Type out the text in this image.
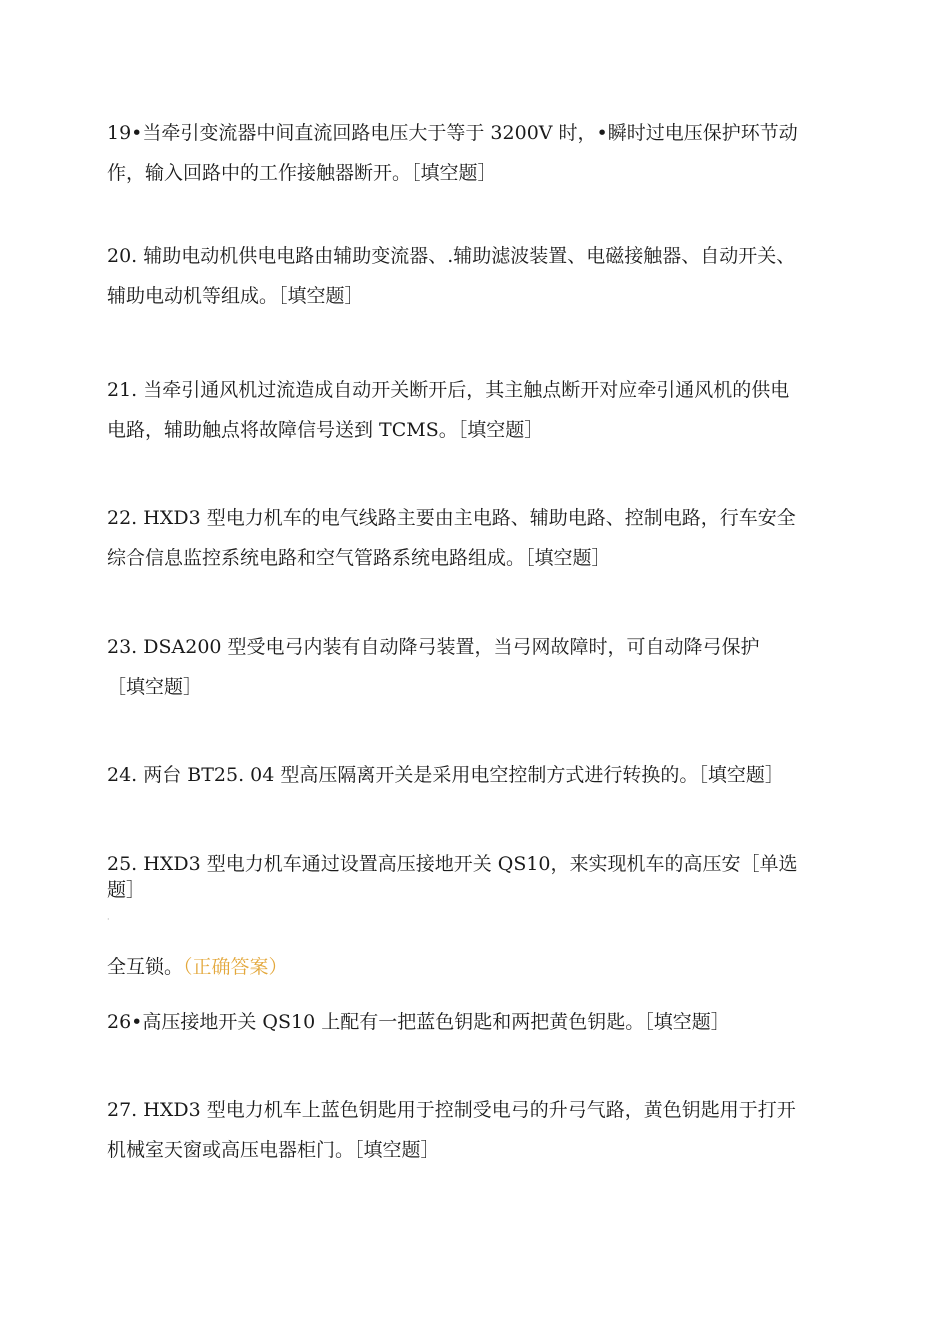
19•当牵引变流器中间直流回路电压大于等于 3200V 时，•瞬时过电压保护环节动
作，输入回路中的工作接触器断开。［填空题］
20. 辅助电动机供电电路由辅助变流器、.辅助滤波装置、电磁接触器、自动开关、
辅助电动机等组成。［填空题］
21. 当牵引通风机过流造成自动开关断开后，其主触点断开对应牵引通风机的供电
电路，辅助触点将故障信号送到 TCMS。［填空题］
22. HXD3 型电力机车的电气线路主要由主电路、辅助电路、控制电路，行车安全
综合信息监控系统电路和空气管路系统电路组成。［填空题］
23. DSA200 型受电弓内装有自动降弓装置，当弓网故障时，可自动降弓保护
［填空题］
24. 两台 BT25. 04 型高压隔离开关是采用电空控制方式进行转换的。［填空题］
25. HXD3 型电力机车通过设置高压接地开关 QS10，来实现机车的高压安［单选
题］
·
全互锁。（正确答案）
26•高压接地开关 QS10 上配有一把蓝色钥匙和两把黄色钥匙。［填空题］
27. HXD3 型电力机车上蓝色钥匙用于控制受电弓的升弓气路，黄色钥匙用于打开
机械室天窗或高压电器柜门。［填空题］
